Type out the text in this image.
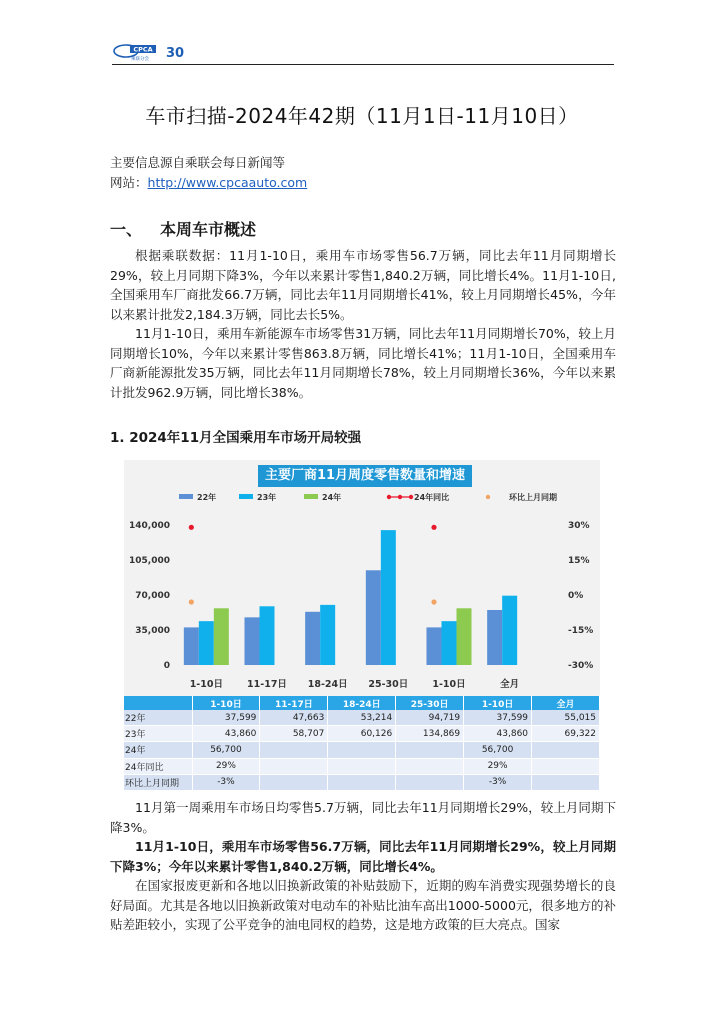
CPCA
乘联分会 30
车市扫描-2024年42期（11月1日-11月10日）
主要信息源自乘联会每日新闻等
网站：http://www.cpcaauto.com
一、 本周车市概述
根据乘联数据：11月1-10日，乘用车市场零售56.7万辆，同比去年11月同期增长29%，较上月同期下降3%，今年以来累计零售1,840.2万辆，同比增长4%。11月1-10日,全国乘用车厂商批发66.7万辆，同比去年11月同期增长41%，较上月同期增长45%，今年以来累计批发2,184.3万辆，同比去长5%。
11月1-10日，乘用车新能源车市场零售31万辆，同比去年11月同期增长70%，较上月同期增长10%，今年以来累计零售863.8万辆，同比增长41%；11月1-10日，全国乘用车厂商新能源批发35万辆，同比去年11月同期增长78%，较上月同期增长36%，今年以来累计批发962.9万辆，同比增长38%。
1. 2024年11月全国乘用车市场开局较强
主要厂商11月周度零售数量和增速
0
35,000
70,000
105,000
140,000
-30%
-15%
0%
15%
30%
1-10日	11-17日 18-24日 25-30日	1-10日	全月
22年	23年	24年	24年同比	环比上月同期
	1-10日	11-17日	18-24日	25-30日	1-10日	全月
22年	37,599	47,663	53,214	94,719	37,599	55,015
23年	43,860	58,707	60,126	134,869	43,860	69,322
24年	56,700				56,700	
24年同比	29%				29%	
环比上月同期	-3%				-3%	
11月第一周乘用车市场日均零售5.7万辆，同比去年11月同期增长29%，较上月同期下降3%。
11月1-10日，乘用车市场零售56.7万辆，同比去年11月同期增长29%，较上月同期下降3%；今年以来累计零售1,840.2万辆，同比增长4%。
在国家报废更新和各地以旧换新政策的补贴鼓励下，近期的购车消费实现强势增长的良好局面。尤其是各地以旧换新政策对电动车的补贴比油车高出1000-5000元，很多地方的补贴差距较小，实现了公平竞争的油电同权的趋势，这是地方政策的巨大亮点。国家
